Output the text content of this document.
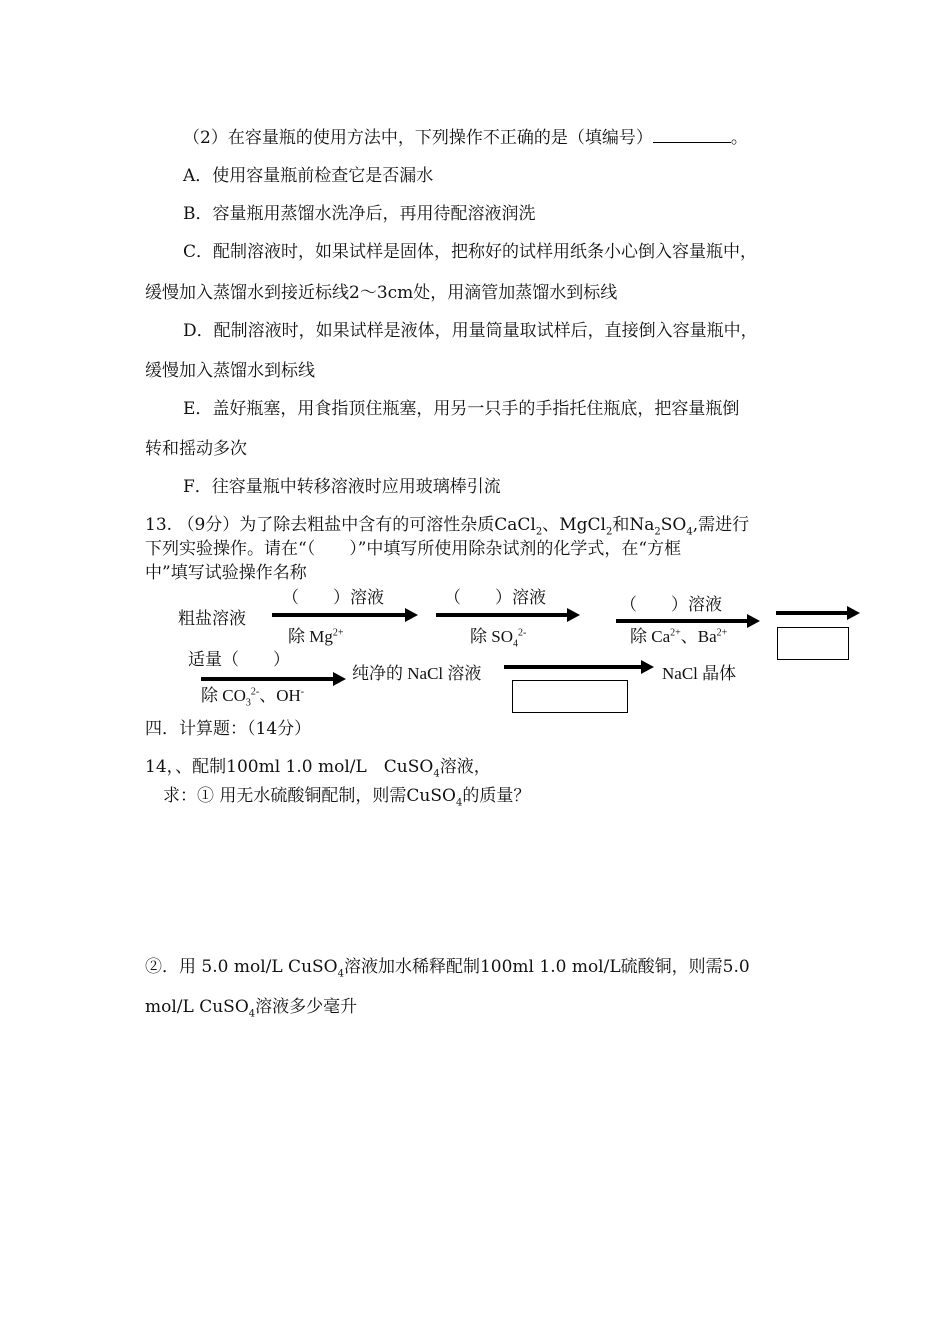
（2）在容量瓶的使用方法中，下列操作不正确的是（填编号）	。
A．使用容量瓶前检查它是否漏水
B．容量瓶用蒸馏水洗净后，再用待配溶液润洗
C．配制溶液时，如果试样是固体，把称好的试样用纸条小心倒入容量瓶中，
缓慢加入蒸馏水到接近标线2～3cm处，用滴管加蒸馏水到标线
D．配制溶液时，如果试样是液体，用量筒量取试样后，直接倒入容量瓶中，
缓慢加入蒸馏水到标线
E．盖好瓶塞，用食指顶住瓶塞，用另一只手的手指托住瓶底，把容量瓶倒
转和摇动多次
F．往容量瓶中转移溶液时应用玻璃棒引流
13. （9分）为了除去粗盐中含有的可溶性杂质CaCl$_2$、MgCl$_2$和$Na_2SO_4$,需进行
下列实验操作。请在“（　　）”中填写所使用除杂试剂的化学式，在“方框
中”填写试验操作名称
粗盐溶液
（　　）溶液
除 $Mg^{2+}$
（　　）溶液
除 $SO_4^{2-}$
（　　）溶液
除 $Ca^{2+}$、$Ba^{2+}$
适量（　　）
除 $CO_3^{2-}$、OH-
纯净的 NaCl 溶液	NaCl 晶体
四．计算题：（14分）
14，、配制100ml 1.0 mol/L　CuSO$_4$溶液，
求：① 用无水硫酸铜配制，则需CuSO$_4$的质量？
②．用 5.0 mol/L CuSO$_4$溶液加水稀释配制100ml 1.0 mol/L硫酸铜，则需5.0
mol/L CuSO$_4$溶液多少毫升
